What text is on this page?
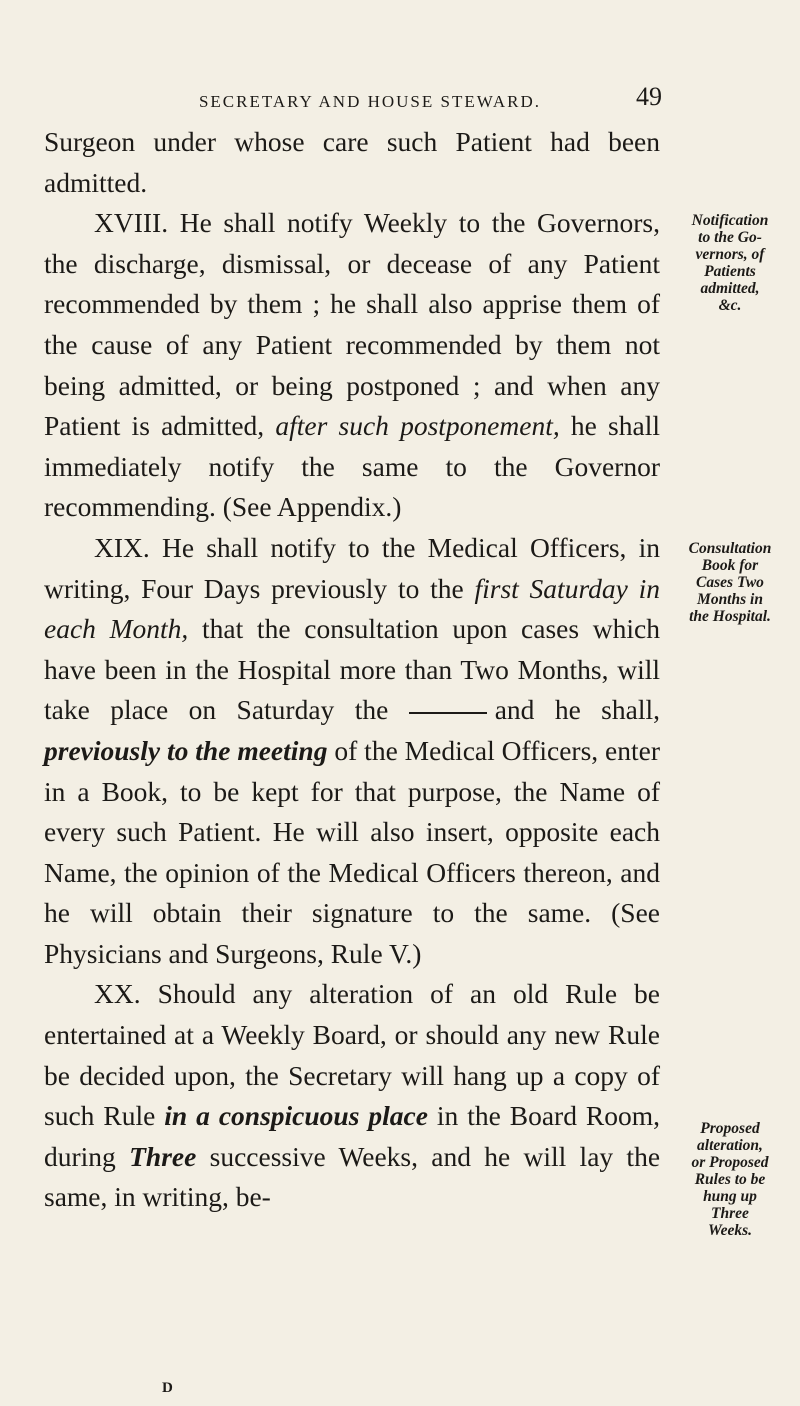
SECRETARY AND HOUSE STEWARD.	49

Surgeon under whose care such Patient had been admitted.

XVIII. He shall notify Weekly to the Governors, the discharge, dismissal, or decease of any Patient recommended by them ; he shall also apprise them of the cause of any Patient recommended by them not being admitted, or being postponed ; and when any Patient is admitted, after such postponement, he shall immediately notify the same to the Governor recommending. (See Appendix.)

XIX. He shall notify to the Medical Officers, in writing, Four Days previously to the first Saturday in each Month, that the consultation upon cases which have been in the Hospital more than Two Months, will take place on Saturday the	and he shall, previously to the meeting of the Medical Officers, enter in a Book, to be kept for that purpose, the Name of every such Patient. He will also insert, opposite each Name, the opinion of the Medical Officers thereon, and he will obtain their signature to the same. (See Physicians and Surgeons, Rule V.)

XX. Should any alteration of an old Rule be entertained at a Weekly Board, or should any new Rule be decided upon, the Secretary will hang up a copy of such Rule in a conspicuous place in the Board Room, during Three successive Weeks, and he will lay the same, in writing, be-

Notification
to the Go-
vernors, of
Patients
admitted,
&c.
Consultation
Book for
Cases Two
Months in
the Hospital.
Proposed
alteration,
or Proposed
Rules to be
hung up
Three
Weeks.
D
